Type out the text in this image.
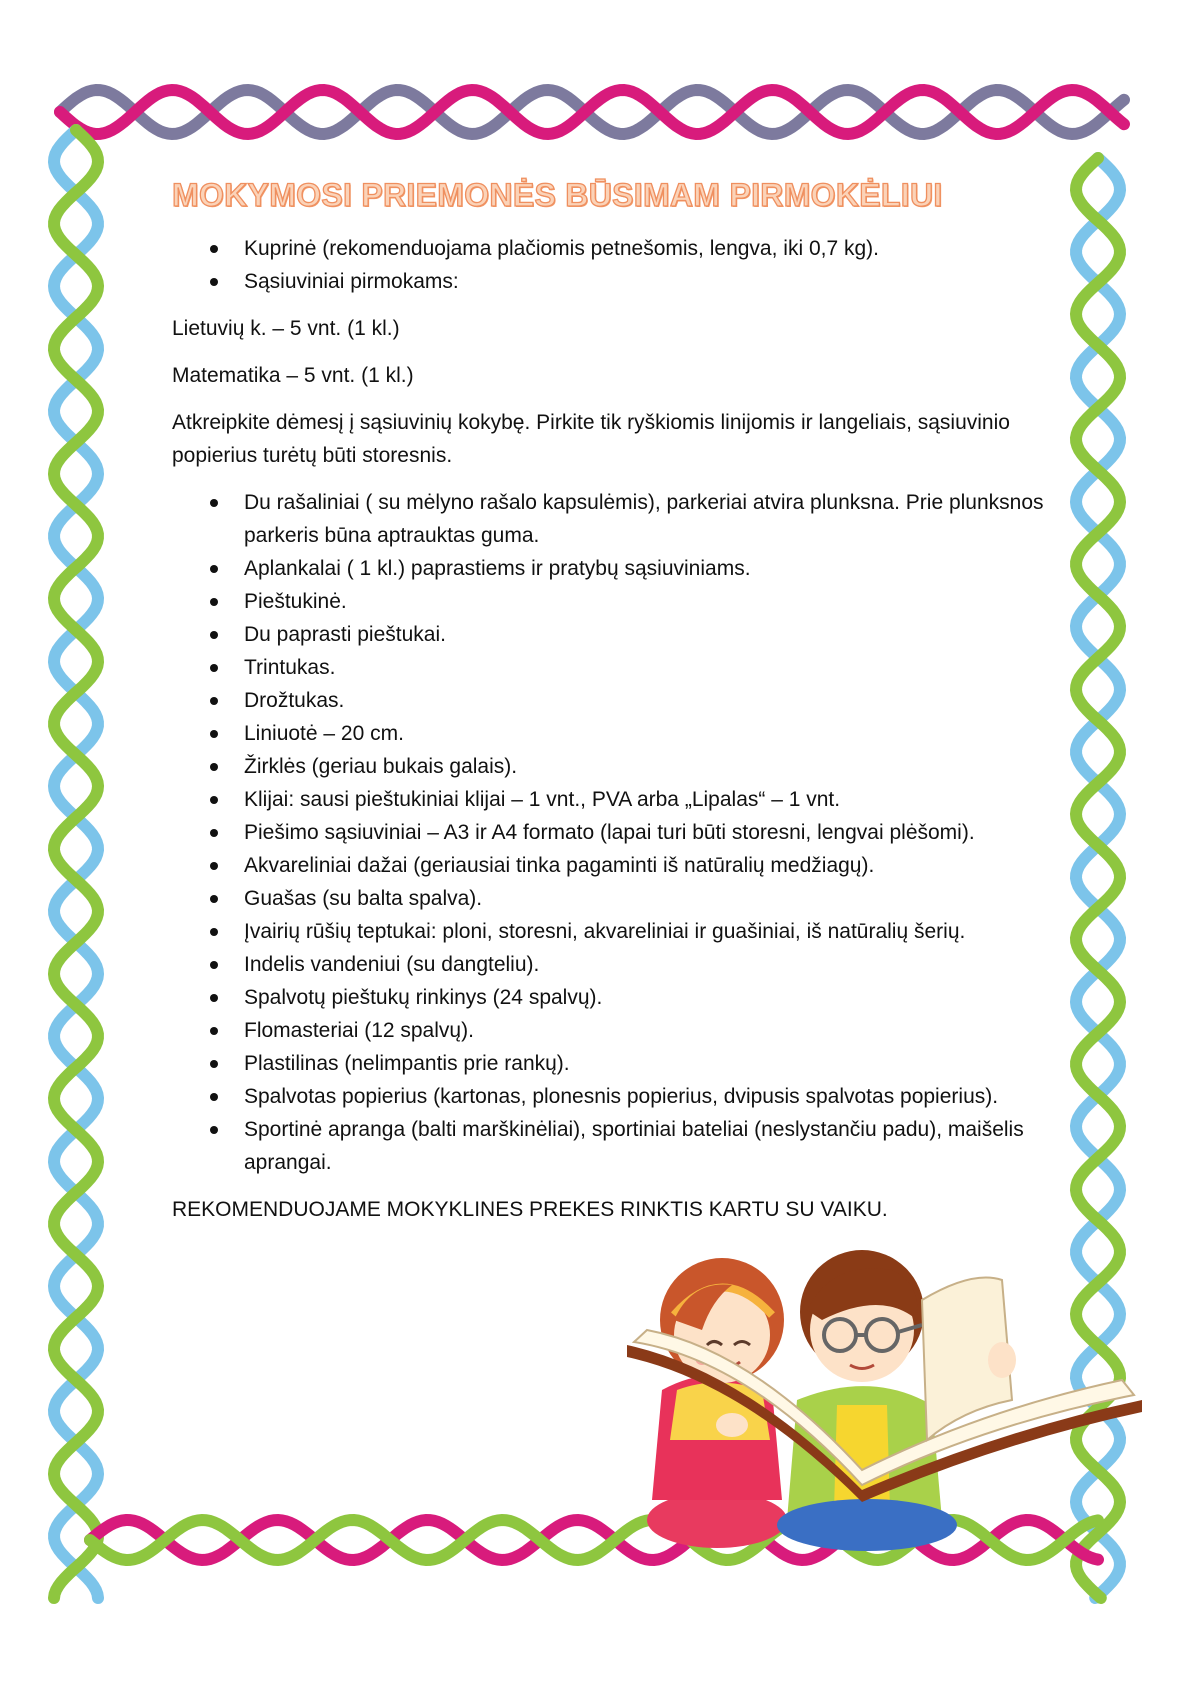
MOKYMOSI PRIEMONĖS BŪSIMAM PIRMOKĖLIUI
Kuprinė (rekomenduojama plačiomis petnešomis, lengva, iki 0,7 kg).
Sąsiuviniai pirmokams:

Lietuvių k. – 5 vnt. (1 kl.)

Matematika – 5 vnt. (1 kl.)

Atkreipkite dėmesį į sąsiuvinių kokybę. Pirkite tik ryškiomis linijomis ir langeliais, sąsiuvinio popierius turėtų būti storesnis.

Du rašaliniai ( su mėlyno rašalo kapsulėmis), parkeriai atvira plunksna. Prie plunksnos parkeris būna aptrauktas guma.
Aplankalai ( 1 kl.) paprastiems ir pratybų sąsiuviniams.
Pieštukinė.
Du paprasti pieštukai.
Trintukas.
Drožtukas.
Liniuotė – 20 cm.
Žirklės (geriau bukais galais).
Klijai: sausi pieštukiniai klijai – 1 vnt., PVA arba „Lipalas“ – 1 vnt.
Piešimo sąsiuviniai – A3 ir A4 formato (lapai turi būti storesni, lengvai plėšomi).
Akvareliniai dažai (geriausiai tinka pagaminti iš natūralių medžiagų).
Guašas (su balta spalva).
Įvairių rūšių teptukai: ploni, storesni, akvareliniai ir guašiniai, iš natūralių šerių.
Indelis vandeniui (su dangteliu).
Spalvotų pieštukų rinkinys (24 spalvų).
Flomasteriai (12 spalvų).
Plastilinas (nelimpantis prie rankų).
Spalvotas popierius (kartonas, plonesnis popierius, dvipusis spalvotas popierius).
Sportinė apranga (balti marškinėliai), sportiniai bateliai (neslystančiu padu), maišelis aprangai.

REKOMENDUOJAME MOKYKLINES PREKES RINKTIS KARTU SU VAIKU.
